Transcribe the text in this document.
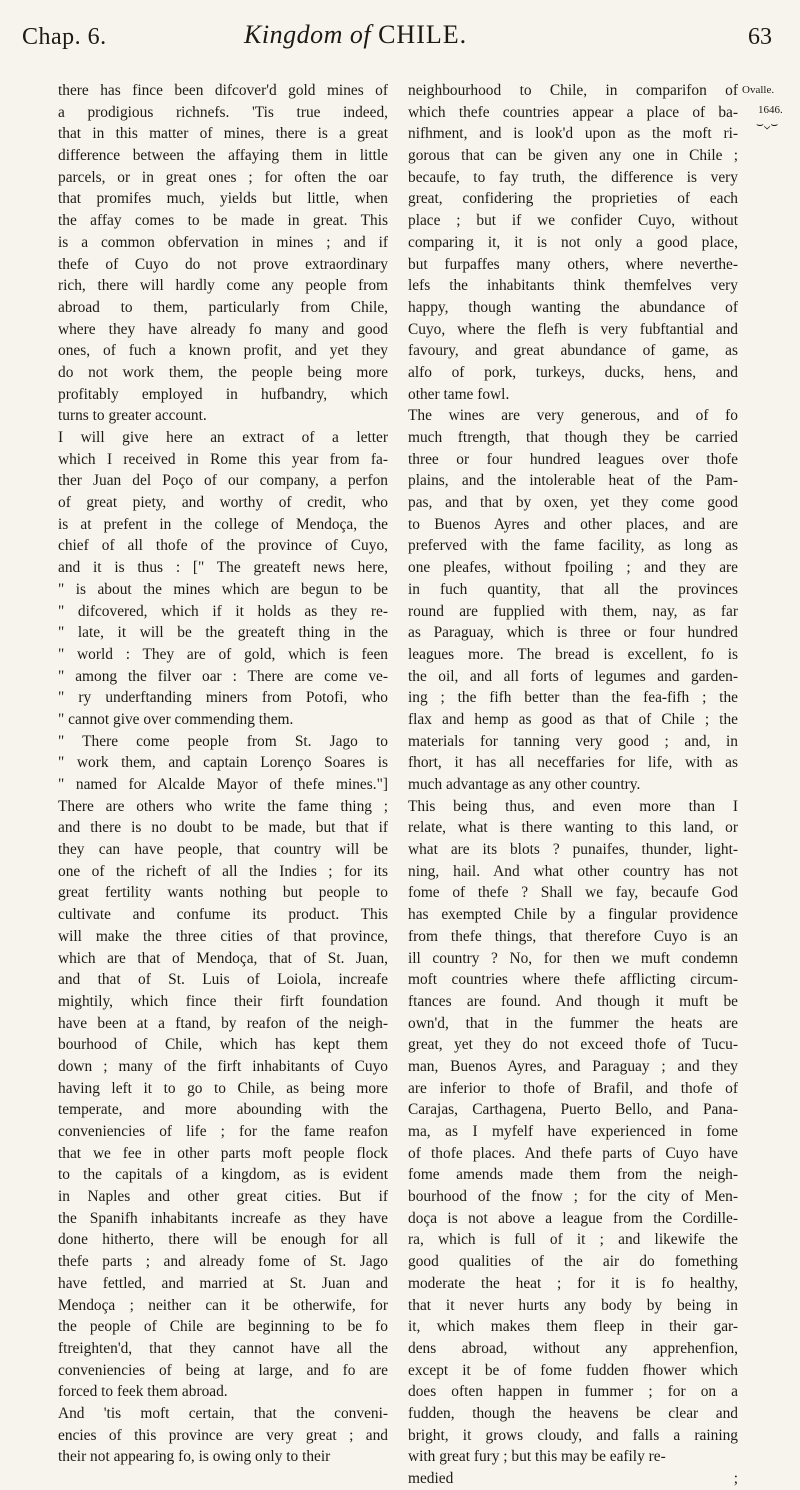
Chap. 6.	Kingdom of CHILE.	63
there has fince been difcover'd gold mines of
a prodigious richnefs. 'Tis true indeed,
that in this matter of mines, there is a great
difference between the affaying them in little
parcels, or in great ones ; for often the oar
that promifes much, yields but little, when
the affay comes to be made in great. This
is a common obfervation in mines ; and if
thefe of Cuyo do not prove extraordinary
rich, there will hardly come any people from
abroad to them, particularly from Chile,
where they have already fo many and good
ones, of fuch a known profit, and yet they
do not work them, the people being more
profitably employed in hufbandry, which
turns to greater account.
I will give here an extract of a letter
which I received in Rome this year from fa-
ther Juan del Poço of our company, a perfon
of great piety, and worthy of credit, who
is at prefent in the college of Mendoça, the
chief of all thofe of the province of Cuyo,
and it is thus : [" The greateft news here,
" is about the mines which are begun to be
" difcovered, which if it holds as they re-
" late, it will be the greateft thing in the
" world : They are of gold, which is feen
" among the filver oar : There are come ve-
" ry underftanding miners from Potofi, who
" cannot give over commending them.
" There come people from St. Jago to
" work them, and captain Lorenço Soares is
" named for Alcalde Mayor of thefe mines."]
There are others who write the fame thing ;
and there is no doubt to be made, but that if
they can have people, that country will be
one of the richeft of all the Indies ; for its
great fertility wants nothing but people to
cultivate and confume its product. This
will make the three cities of that province,
which are that of Mendoça, that of St. Juan,
and that of St. Luis of Loiola, increafe
mightily, which fince their firft foundation
have been at a ftand, by reafon of the neigh-
bourhood of Chile, which has kept them
down ; many of the firft inhabitants of Cuyo
having left it to go to Chile, as being more
temperate, and more abounding with the
conveniencies of life ; for the fame reafon
that we fee in other parts moft people flock
to the capitals of a kingdom, as is evident
in Naples and other great cities. But if
the Spanifh inhabitants increafe as they have
done hitherto, there will be enough for all
thefe parts ; and already fome of St. Jago
have fettled, and married at St. Juan and
Mendoça ; neither can it be otherwife, for
the people of Chile are beginning to be fo
ftreighten'd, that they cannot have all the
conveniencies of being at large, and fo are
forced to feek them abroad.
And 'tis moft certain, that the conveni-
encies of this province are very great ; and
their not appearing fo, is owing only to their
neighbourhood to Chile, in comparifon of
which thefe countries appear a place of ba-
nifhment, and is look'd upon as the moft ri-
gorous that can be given any one in Chile ;
becaufe, to fay truth, the difference is very
great, confidering the proprieties of each
place ; but if we confider Cuyo, without
comparing it, it is not only a good place,
but furpaffes many others, where neverthe-
lefs the inhabitants think themfelves very
happy, though wanting the abundance of
Cuyo, where the flefh is very fubftantial and
favoury, and great abundance of game, as
alfo of pork, turkeys, ducks, hens, and
other tame fowl.
The wines are very generous, and of fo
much ftrength, that though they be carried
three or four hundred leagues over thofe
plains, and the intolerable heat of the Pam-
pas, and that by oxen, yet they come good
to Buenos Ayres and other places, and are
preferved with the fame facility, as long as
one pleafes, without fpoiling ; and they are
in fuch quantity, that all the provinces
round are fupplied with them, nay, as far
as Paraguay, which is three or four hundred
leagues more. The bread is excellent, fo is
the oil, and all forts of legumes and garden-
ing ; the fifh better than the fea-fifh ; the
flax and hemp as good as that of Chile ; the
materials for tanning very good ; and, in
fhort, it has all neceffaries for life, with as
much advantage as any other country.
This being thus, and even more than I
relate, what is there wanting to this land, or
what are its blots ? punaifes, thunder, light-
ning, hail. And what other country has not
fome of thefe ? Shall we fay, becaufe God
has exempted Chile by a fingular providence
from thefe things, that therefore Cuyo is an
ill country ? No, for then we muft condemn
moft countries where thefe afflicting circum-
ftances are found. And though it muft be
own'd, that in the fummer the heats are
great, yet they do not exceed thofe of Tucu-
man, Buenos Ayres, and Paraguay ; and they
are inferior to thofe of Brafil, and thofe of
Carajas, Carthagena, Puerto Bello, and Pana-
ma, as I myfelf have experienced in fome
of thofe places. And thefe parts of Cuyo have
fome amends made them from the neigh-
bourhood of the fnow ; for the city of Men-
doça is not above a league from the Cordille-
ra, which is full of it ; and likewife the
good qualities of the air do fomething
moderate the heat ; for it is fo healthy,
that it never hurts any body by being in
it, which makes them fleep in their gar-
dens abroad, without any apprehenfion,
except it be of fome fudden fhower which
does often happen in fummer ; for on a
fudden, though the heavens be clear and
bright, it grows cloudy, and falls a raining
with great fury ; but this may be eafily re-
medied ;
Ovalle.
1646.
⌣⌄⌣
